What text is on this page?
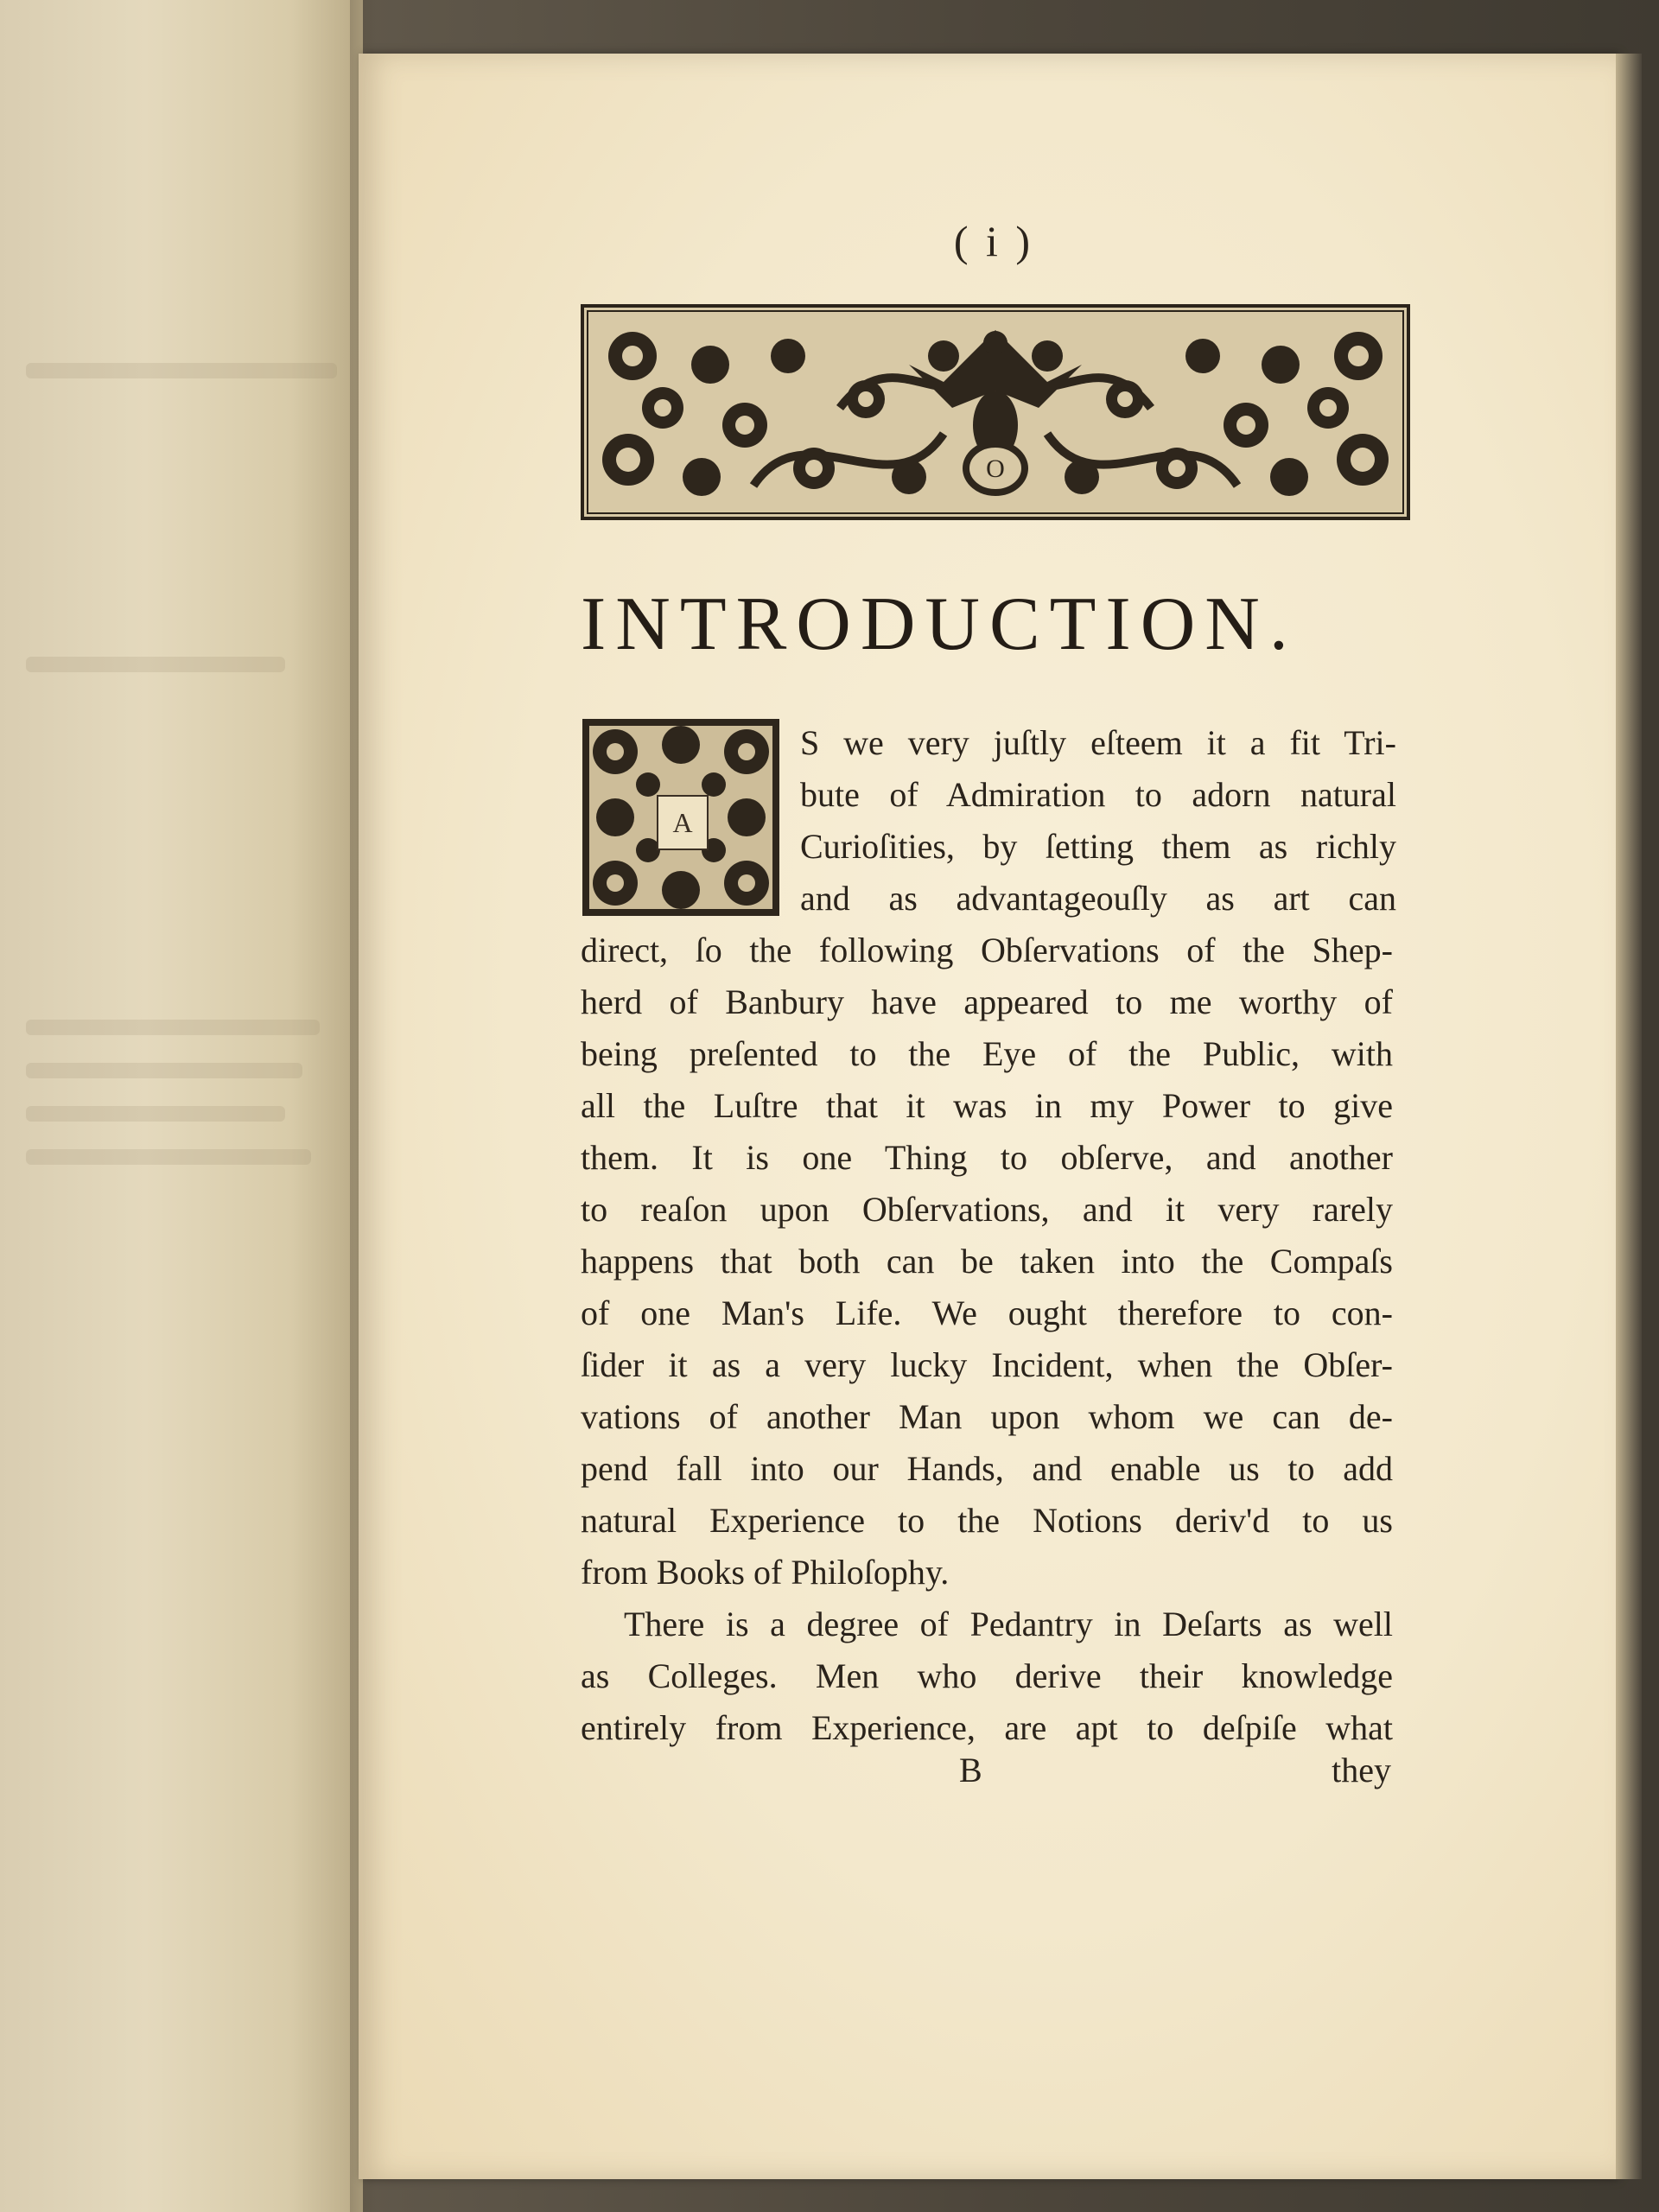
( i )
O
INTRODUCTION.
A
S we very juſtly eſteem it a fit Tri-
bute of Admiration to adorn natural
Curioſities, by ſetting them as richly
and as advantageouſly as art can
direct, ſo the following Obſervations of the Shep-
herd of Banbury have appeared to me worthy of
being preſented to the Eye of the Public, with
all the Luſtre that it was in my Power to give
them. It is one Thing to obſerve, and another
to reaſon upon Obſervations, and it very rarely
happens that both can be taken into the Compaſs
of one Man's Life. We ought therefore to con-
ſider it as a very lucky Incident, when the Obſer-
vations of another Man upon whom we can de-
pend fall into our Hands, and enable us to add
natural Experience to the Notions deriv'd to us
from Books of Philoſophy.
There is a degree of Pedantry in Deſarts as well
as Colleges. Men who derive their knowledge
entirely from Experience, are apt to deſpiſe what
B	they
